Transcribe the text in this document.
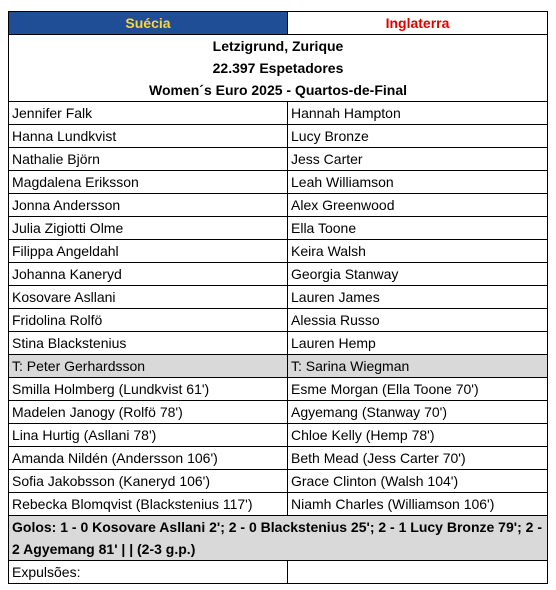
Suécia	Inglaterra

Letzigrund, Zurique
22.397 Espetadores
Women´s Euro 2025 - Quartos-de-Final	

Jennifer Falk	Hannah Hampton
Hanna Lundkvist	Lucy Bronze
Nathalie Björn	Jess Carter
Magdalena Eriksson	Leah Williamson
Jonna Andersson	Alex Greenwood
Julia Zigiotti Olme	Ella Toone
Filippa Angeldahl	Keira Walsh
Johanna Kaneryd	Georgia Stanway
Kosovare Asllani	Lauren James
Fridolina Rolfö	Alessia Russo
Stina Blackstenius	Lauren Hemp
T: Peter Gerhardsson	T: Sarina Wiegman
Smilla Holmberg (Lundkvist 61')	Esme Morgan (Ella Toone 70')
Madelen Janogy (Rolfö 78')	Agyemang (Stanway 70')
Lina Hurtig (Asllani 78')	Chloe Kelly (Hemp 78')
Amanda Nildén (Andersson 106')	Beth Mead (Jess Carter 70')
Sofia Jakobsson (Kaneryd 106')	Grace Clinton (Walsh 104')
Rebecka Blomqvist (Blackstenius 117')	Niamh Charles (Williamson 106')
Golos: 1 - 0 Kosovare Asllani 2'; 2 - 0 Blackstenius 25'; 2 - 1 Lucy Bronze 79'; 2 - 2 Agyemang 81' | | (2-3 g.p.)	
Expulsões:	
